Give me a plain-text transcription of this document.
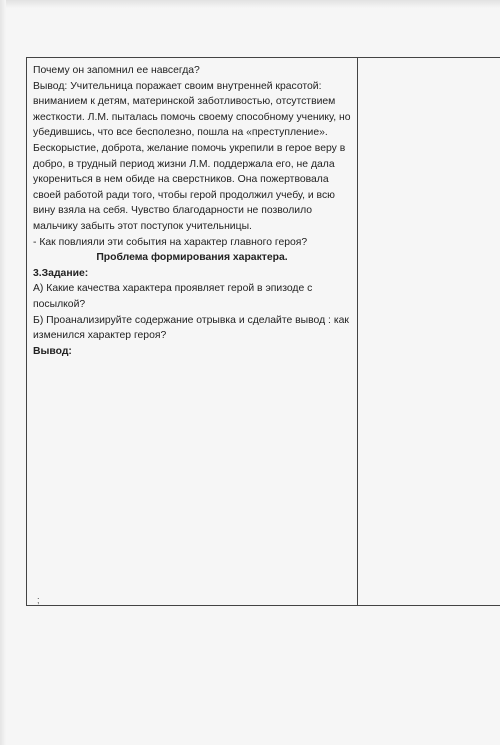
Почему он запомнил ее навсегда?

Вывод: Учительница поражает своим внутренней красотой: вниманием к детям, материнской заботливостью, отсутствием жесткости. Л.М. пыталась помочь своему способному ученику, но убедившись, что все бесполезно, пошла на «преступление». Бескорыстие, доброта, желание помочь укрепили в герое веру в добро, в трудный период жизни Л.М. поддержала его, не дала укорениться в нем обиде на сверстников. Она пожертвовала своей работой ради того, чтобы герой продолжил учебу, и всю вину взяла на себя. Чувство благодарности не позволило мальчику забыть этот поступок учительницы.

- Как повлияли эти события на характер главного героя?

Проблема формирования характера.

3.Задание:

А) Какие качества характера проявляет герой в эпизоде с посылкой?

Б) Проанализируйте содержание отрывка и сделайте вывод : как изменился характер героя?

Вывод:

;
